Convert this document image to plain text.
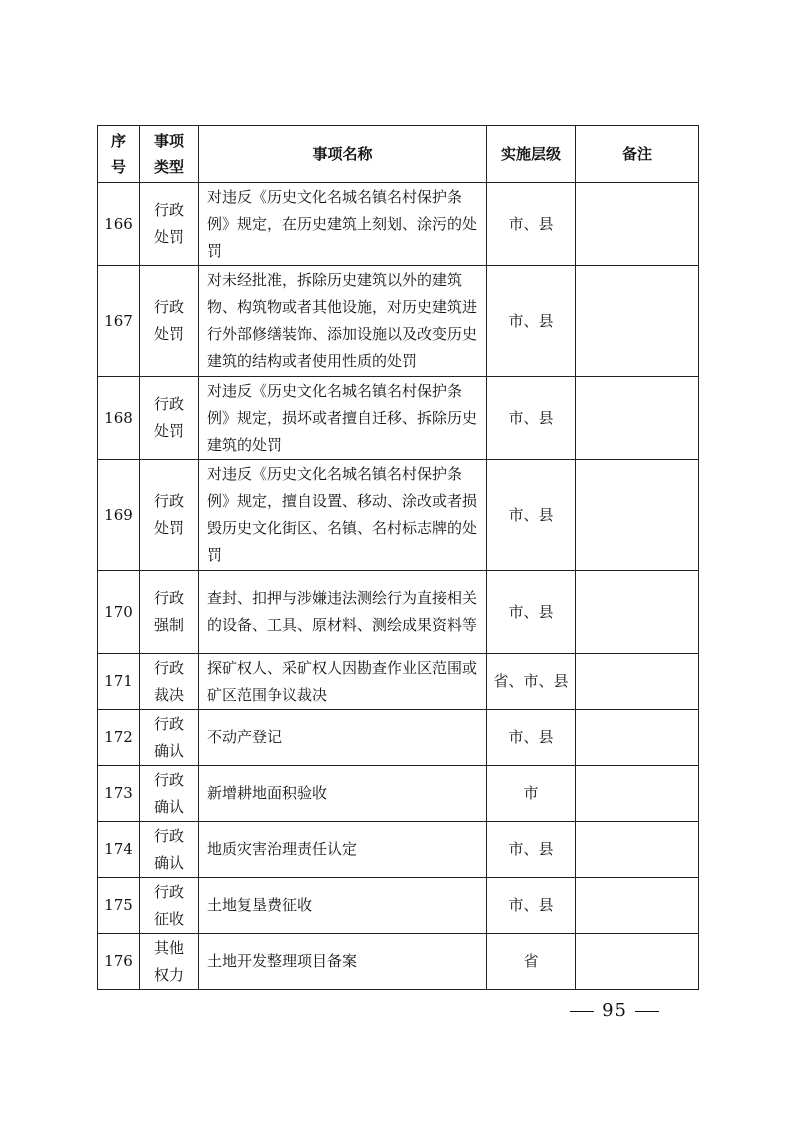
序号	事项类型	事项名称	实施层级	备注
166	行政处罚	对违反《历史文化名城名镇名村保护条例》规定，在历史建筑上刻划、涂污的处罚	市、县	
167	行政处罚	对未经批准，拆除历史建筑以外的建筑物、构筑物或者其他设施，对历史建筑进行外部修缮装饰、添加设施以及改变历史建筑的结构或者使用性质的处罚	市、县	
168	行政处罚	对违反《历史文化名城名镇名村保护条例》规定，损坏或者擅自迁移、拆除历史建筑的处罚	市、县	
169	行政处罚	对违反《历史文化名城名镇名村保护条例》规定，擅自设置、移动、涂改或者损毁历史文化街区、名镇、名村标志牌的处罚	市、县	
170	行政强制	查封、扣押与涉嫌违法测绘行为直接相关的设备、工具、原材料、测绘成果资料等	市、县	
171	行政裁决	探矿权人、采矿权人因勘查作业区范围或矿区范围争议裁决	省、市、县	
172	行政确认	不动产登记	市、县	
173	行政确认	新增耕地面积验收	市	
174	行政确认	地质灾害治理责任认定	市、县	
175	行政征收	土地复垦费征收	市、县	
176	其他权力	土地开发整理项目备案	省	
95
